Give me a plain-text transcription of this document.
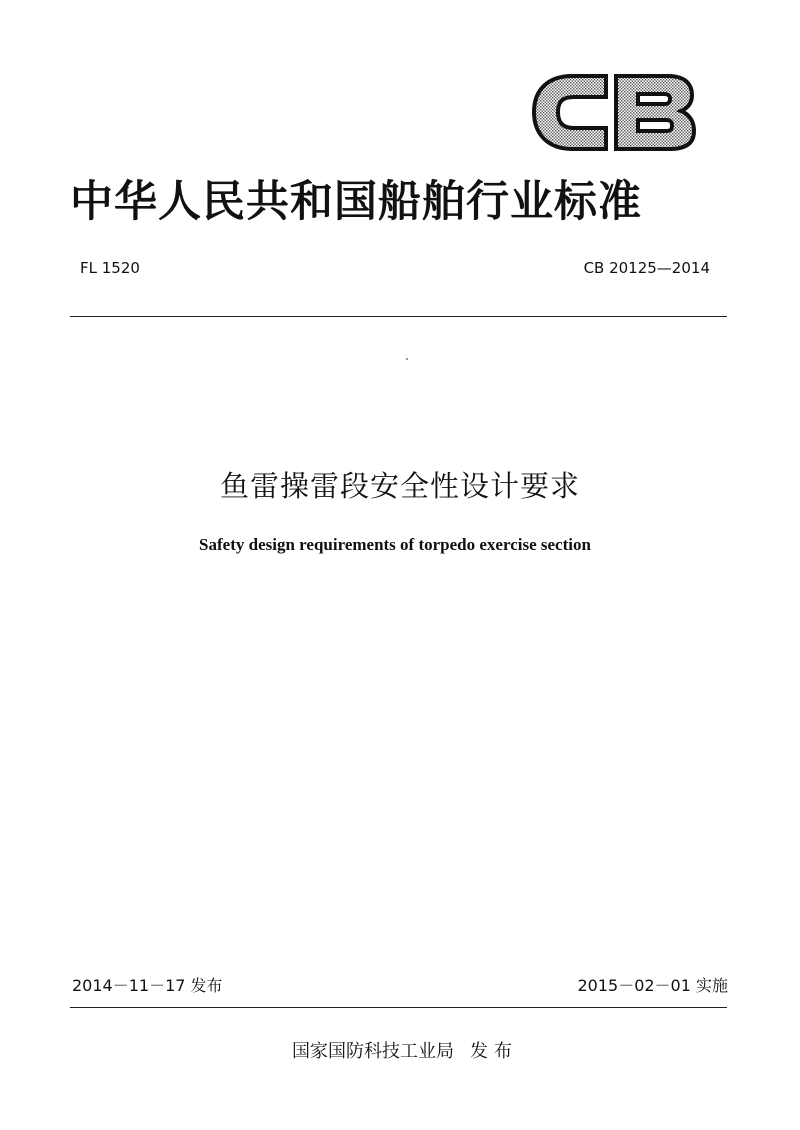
中华人民共和国船舶行业标准
FL 1520	CB 20125—2014
鱼雷操雷段安全性设计要求
Safety design requirements of torpedo exercise section
2014－11－17 发布	2015－02－01 实施
国家国防科技工业局 发布
